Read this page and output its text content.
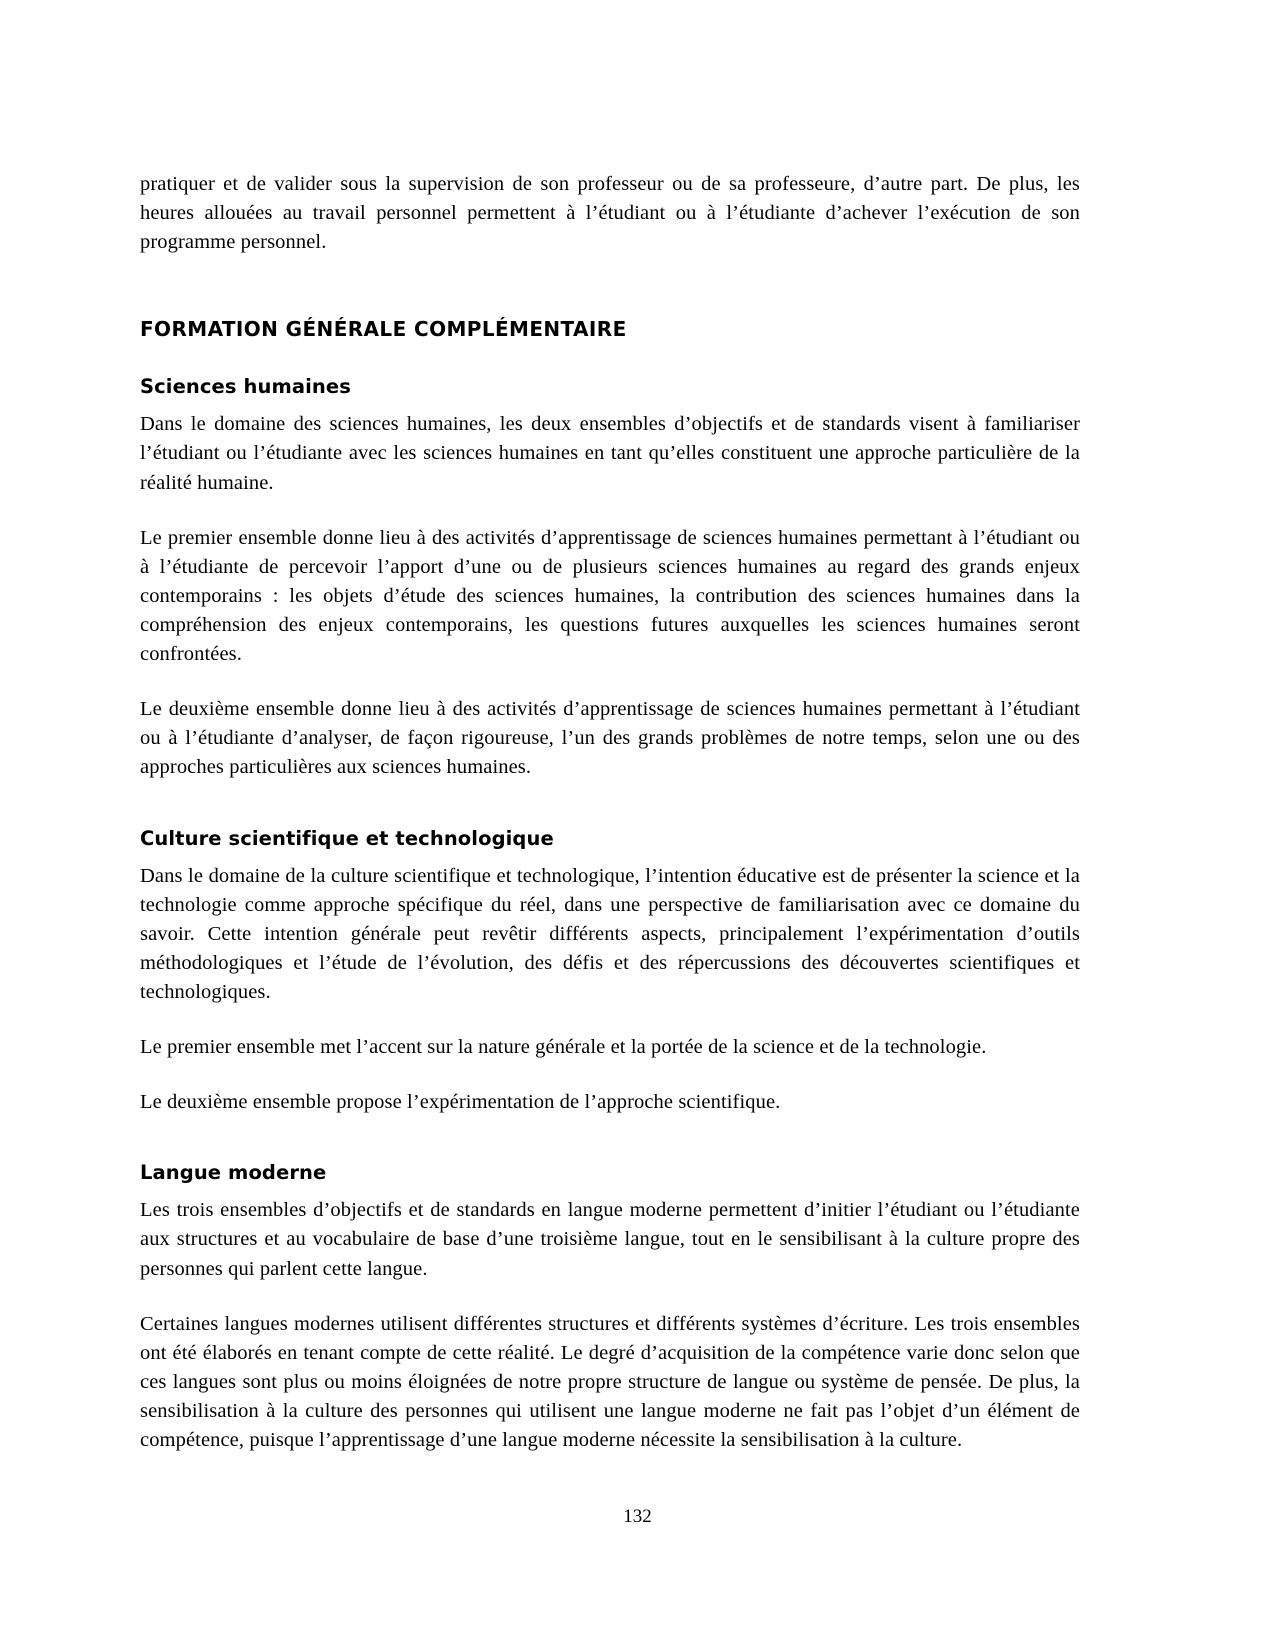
pratiquer et de valider sous la supervision de son professeur ou de sa professeure, d’autre part. De plus, les heures allouées au travail personnel permettent à l’étudiant ou à l’étudiante d’achever l’exécution de son programme personnel.

FORMATION GÉNÉRALE COMPLÉMENTAIRE
Sciences humaines

Dans le domaine des sciences humaines, les deux ensembles d’objectifs et de standards visent à familiariser l’étudiant ou l’étudiante avec les sciences humaines en tant qu’elles constituent une approche particulière de la réalité humaine.

Le premier ensemble donne lieu à des activités d’apprentissage de sciences humaines permettant à l’étudiant ou à l’étudiante de percevoir l’apport d’une ou de plusieurs sciences humaines au regard des grands enjeux contemporains : les objets d’étude des sciences humaines, la contribution des sciences humaines dans la compréhension des enjeux contemporains, les questions futures auxquelles les sciences humaines seront confrontées.

Le deuxième ensemble donne lieu à des activités d’apprentissage de sciences humaines permettant à l’étudiant ou à l’étudiante d’analyser, de façon rigoureuse, l’un des grands problèmes de notre temps, selon une ou des approches particulières aux sciences humaines.

Culture scientifique et technologique

Dans le domaine de la culture scientifique et technologique, l’intention éducative est de présenter la science et la technologie comme approche spécifique du réel, dans une perspective de familiarisation avec ce domaine du savoir. Cette intention générale peut revêtir différents aspects, principalement l’expérimentation d’outils méthodologiques et l’étude de l’évolution, des défis et des répercussions des découvertes scientifiques et technologiques.

Le premier ensemble met l’accent sur la nature générale et la portée de la science et de la technologie.

Le deuxième ensemble propose l’expérimentation de l’approche scientifique.

Langue moderne

Les trois ensembles d’objectifs et de standards en langue moderne permettent d’initier l’étudiant ou l’étudiante aux structures et au vocabulaire de base d’une troisième langue, tout en le sensibilisant à la culture propre des personnes qui parlent cette langue.

Certaines langues modernes utilisent différentes structures et différents systèmes d’écriture. Les trois ensembles ont été élaborés en tenant compte de cette réalité. Le degré d’acquisition de la compétence varie donc selon que ces langues sont plus ou moins éloignées de notre propre structure de langue ou système de pensée. De plus, la sensibilisation à la culture des personnes qui utilisent une langue moderne ne fait pas l’objet d’un élément de compétence, puisque l’apprentissage d’une langue moderne nécessite la sensibilisation à la culture.

132
